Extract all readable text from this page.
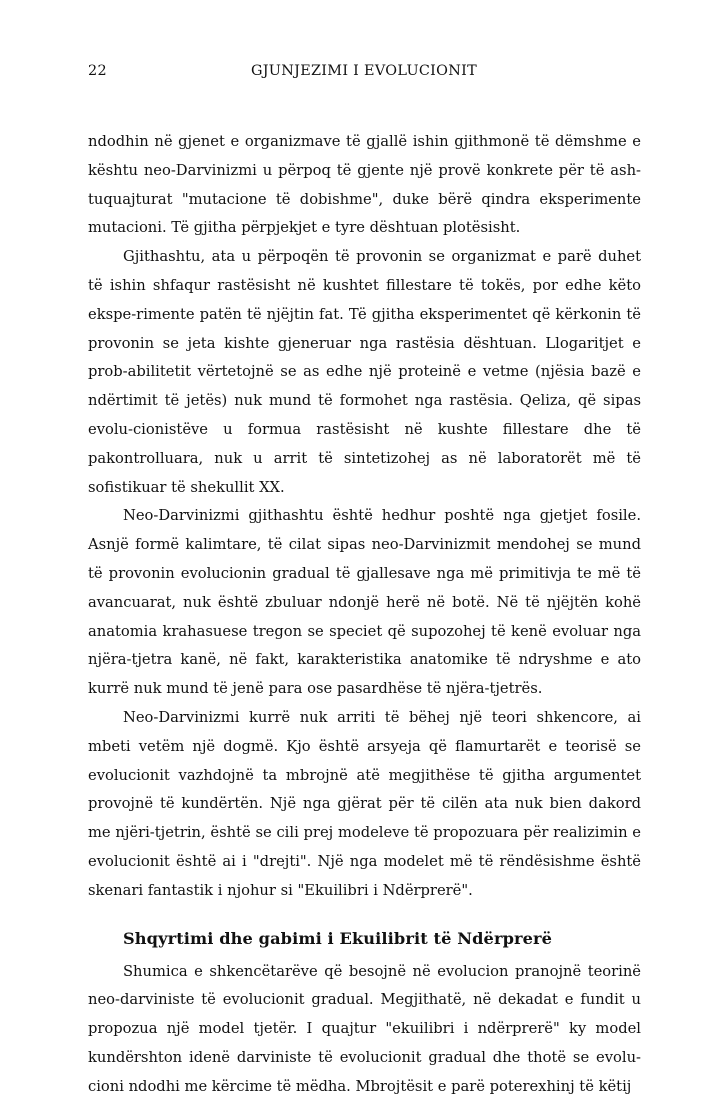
22	GJUNJEZIMI I EVOLUCIONIT

ndodhin në gjenet e organizmave të gjallë ishin gjithmonë të dëmshme e kështu neo-Darvinizmi u përpoq të gjente një provë konkrete për të ash-tuquajturat "mutacione të dobishme", duke bërë qindra eksperimente mutacioni. Të gjitha përpjekjet e tyre dështuan plotësisht.

Gjithashtu, ata u përpoqën të provonin se organizmat e parë duhet të ishin shfaqur rastësisht në kushtet fillestare të tokës, por edhe këto ekspe-rimente patën të njëjtin fat. Të gjitha eksperimentet që kërkonin të provonin se jeta kishte gjeneruar nga rastësia dështuan. Llogaritjet e prob-abilitetit vërtetojnë se as edhe një proteinë e vetme (njësia bazë e ndërtimit të jetës) nuk mund të formohet nga rastësia. Qeliza, që sipas evolu-cionistëve u formua rastësisht në kushte fillestare dhe të pakontrolluara, nuk u arrit të sintetizohej as në laboratorët më të sofistikuar të shekullit XX.

Neo-Darvinizmi gjithashtu është hedhur poshtë nga gjetjet fosile. Asnjë formë kalimtare, të cilat sipas neo-Darvinizmit mendohej se mund të provonin evolucionin gradual të gjallesave nga më primitivja te më të avancuarat, nuk është zbuluar ndonjë herë në botë. Në të njëjtën kohë anatomia krahasuese tregon se speciet që supozohej të kenë evoluar nga njëra-tjetra kanë, në fakt, karakteristika anatomike të ndryshme e ato kurrë nuk mund të jenë para ose pasardhëse të njëra-tjetrës.

Neo-Darvinizmi kurrë nuk arriti të bëhej një teori shkencore, ai mbeti vetëm një dogmë. Kjo është arsyeja që flamurtarët e teorisë se evolucionit vazhdojnë ta mbrojnë atë megjithëse të gjitha argumentet provojnë të kundërtën. Një nga gjërat për të cilën ata nuk bien dakord me njëri-tjetrin, është se cili prej modeleve të propozuara për realizimin e evolucionit është ai i "drejti". Një nga modelet më të rëndësishme është skenari fantastik i njohur si "Ekuilibri i Ndërprerë".

Shqyrtimi dhe gabimi i Ekuilibrit të Ndërprerë

Shumica e shkencëtarëve që besojnë në evolucion pranojnë teorinë neo-darviniste të evolucionit gradual. Megjithatë, në dekadat e fundit u propozua një model tjetër. I quajtur "ekuilibri i ndërprerë" ky model kundërshton idenë darviniste të evolucionit gradual dhe thotë se evolu-cioni ndodhi me kërcime të mëdha. Mbrojtësit e parë poterexhinj të këtij
